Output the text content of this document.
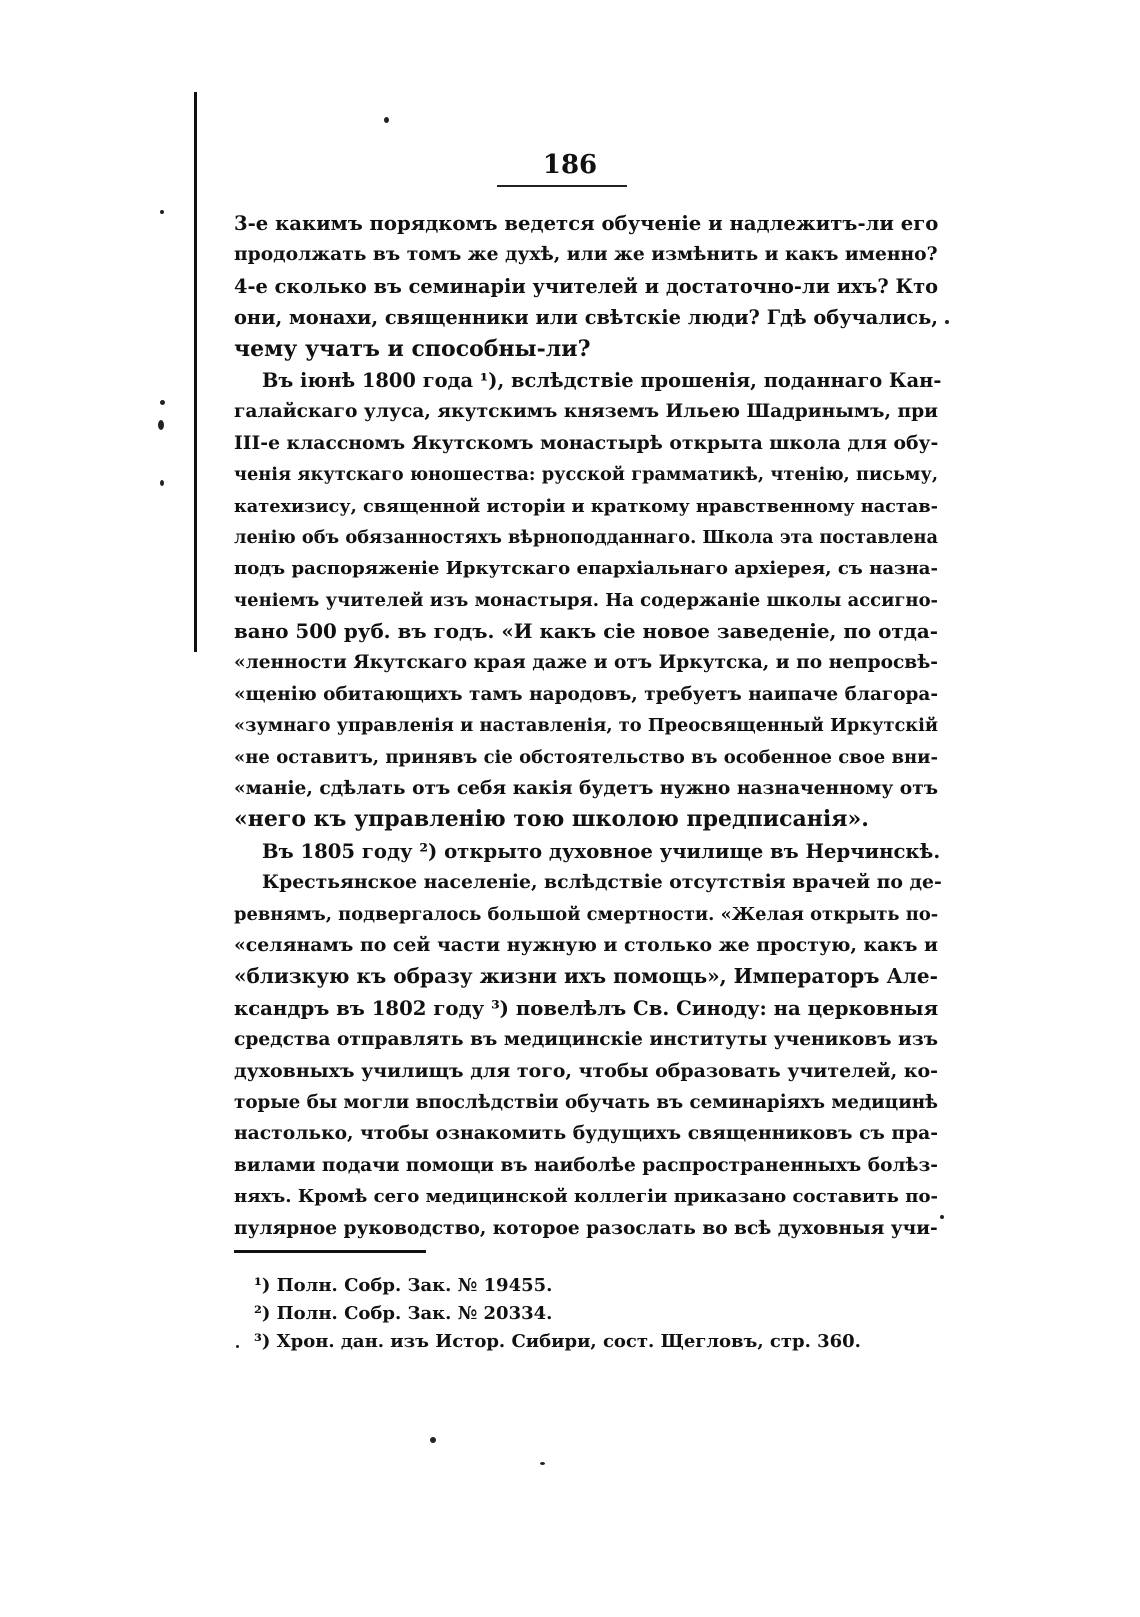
186
3-е какимъ порядкомъ ведется обученіе и надлежитъ-ли его
продолжать въ томъ же духѣ, или же измѣнить и какъ именно?
4-е сколько въ семинаріи учителей и достаточно-ли ихъ? Кто
они, монахи, священники или свѣтскіе люди? Гдѣ обучались,
чему учатъ и способны-ли?
Въ іюнѣ 1800 года ¹), вслѣдствіе прошенія, поданнаго Кан-
галайскаго улуса, якутскимъ княземъ Ильею Шадринымъ, при
III-е классномъ Якутскомъ монастырѣ открыта школа для обу-
ченія якутскаго юношества: русской грамматикѣ, чтенію, письму,
катехизису, священной исторіи и краткому нравственному настав-
ленію объ обязанностяхъ вѣрноподданнаго. Школа эта поставлена
подъ распоряженіе Иркутскаго епархіальнаго архіерея, съ назна-
ченіемъ учителей изъ монастыря. На содержаніе школы ассигно-
вано 500 руб. въ годъ. «И какъ сіе новое заведеніе, по отда-
«ленности Якутскаго края даже и отъ Иркутска, и по непросвѣ-
«щенію обитающихъ тамъ народовъ, требуетъ наипаче благора-
«зумнаго управленія и наставленія, то Преосвященный Иркутскій
«не оставитъ, принявъ сіе обстоятельство въ особенное свое вни-
«маніе, сдѣлать отъ себя какія будетъ нужно назначенному отъ
«него къ управленію тою школою предписанія».
Въ 1805 году ²) открыто духовное училище въ Нерчинскѣ.
Крестьянское населеніе, вслѣдствіе отсутствія врачей по де-
ревнямъ, подвергалось большой смертности. «Желая открыть по-
«селянамъ по сей части нужную и столько же простую, какъ и
«близкую къ образу жизни ихъ помощь», Императоръ Але-
ксандръ въ 1802 году ³) повелѣлъ Св. Синоду: на церковныя
средства отправлять въ медицинскіе институты учениковъ изъ
духовныхъ училищъ для того, чтобы образовать учителей, ко-
торые бы могли впослѣдствіи обучать въ семинаріяхъ медицинѣ
настолько, чтобы ознакомить будущихъ священниковъ съ пра-
вилами подачи помощи въ наиболѣе распространенныхъ болѣз-
няхъ. Кромѣ сего медицинской коллегіи приказано составить по-
пулярное руководство, которое разослать во всѣ духовныя учи-
¹) Полн. Собр. Зак. № 19455.
²) Полн. Собр. Зак. № 20334.
³) Хрон. дан. изъ Истор. Сибири, сост. Щегловъ, стр. 360.
